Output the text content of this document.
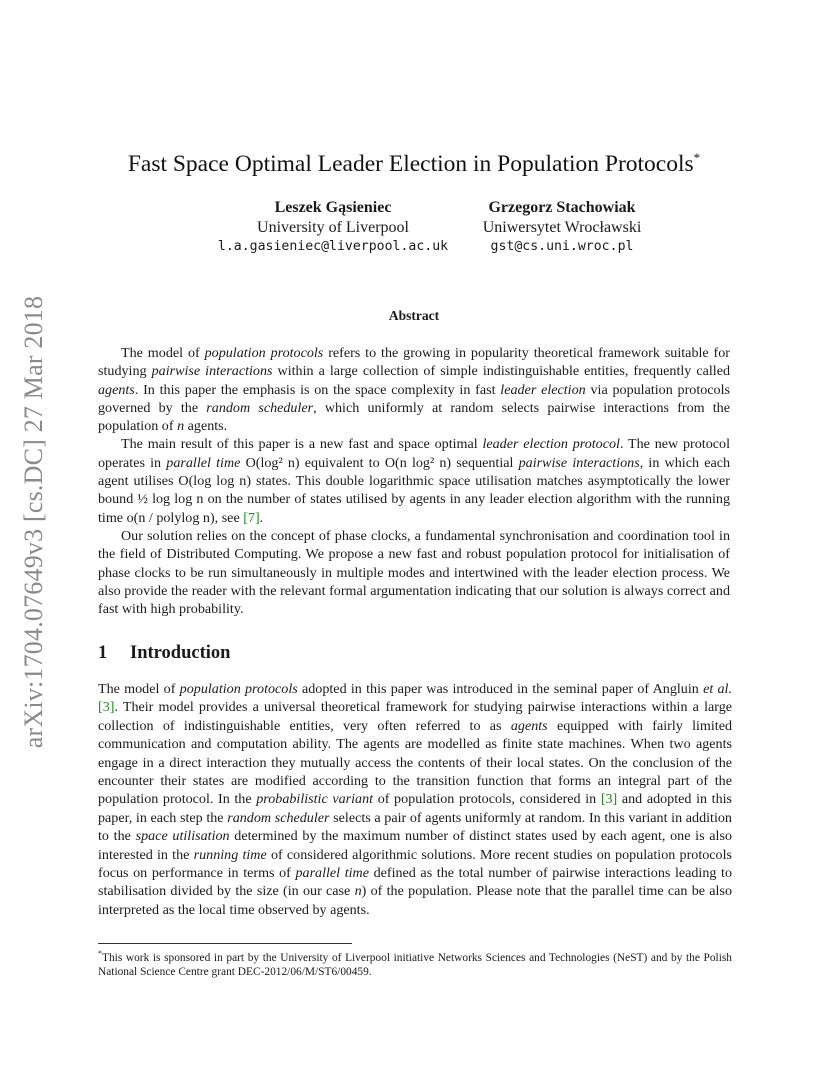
arXiv:1704.07649v3 [cs.DC] 27 Mar 2018
Fast Space Optimal Leader Election in Population Protocols*
Leszek Gąsieniec
University of Liverpool
l.a.gasieniec@liverpool.ac.uk
Grzegorz Stachowiak
Uniwersytet Wrocławski
gst@cs.uni.wroc.pl
Abstract

The model of population protocols refers to the growing in popularity theoretical framework suitable for studying pairwise interactions within a large collection of simple indistinguishable entities, frequently called agents. In this paper the emphasis is on the space complexity in fast leader election via population protocols governed by the random scheduler, which uniformly at random selects pairwise interactions from the population of n agents.

The main result of this paper is a new fast and space optimal leader election protocol. The new protocol operates in parallel time O(log² n) equivalent to O(n log² n) sequential pairwise interactions, in which each agent utilises O(log log n) states. This double logarithmic space utilisation matches asymptotically the lower bound ½ log log n on the number of states utilised by agents in any leader election algorithm with the running time o(n / polylog n), see [7].

Our solution relies on the concept of phase clocks, a fundamental synchronisation and coordination tool in the field of Distributed Computing. We propose a new fast and robust population protocol for initialisation of phase clocks to be run simultaneously in multiple modes and intertwined with the leader election process. We also provide the reader with the relevant formal argumentation indicating that our solution is always correct and fast with high probability.

1 Introduction

The model of population protocols adopted in this paper was introduced in the seminal paper of Angluin et al. [3]. Their model provides a universal theoretical framework for studying pairwise interactions within a large collection of indistinguishable entities, very often referred to as agents equipped with fairly limited communication and computation ability. The agents are modelled as finite state machines. When two agents engage in a direct interaction they mutually access the contents of their local states. On the conclusion of the encounter their states are modified according to the transition function that forms an integral part of the population protocol. In the probabilistic variant of population protocols, considered in [3] and adopted in this paper, in each step the random scheduler selects a pair of agents uniformly at random. In this variant in addition to the space utilisation determined by the maximum number of distinct states used by each agent, one is also interested in the running time of considered algorithmic solutions. More recent studies on population protocols focus on performance in terms of parallel time defined as the total number of pairwise interactions leading to stabilisation divided by the size (in our case n) of the population. Please note that the parallel time can be also interpreted as the local time observed by agents.

*This work is sponsored in part by the University of Liverpool initiative Networks Sciences and Technologies (NeST) and by the Polish National Science Centre grant DEC-2012/06/M/ST6/00459.
